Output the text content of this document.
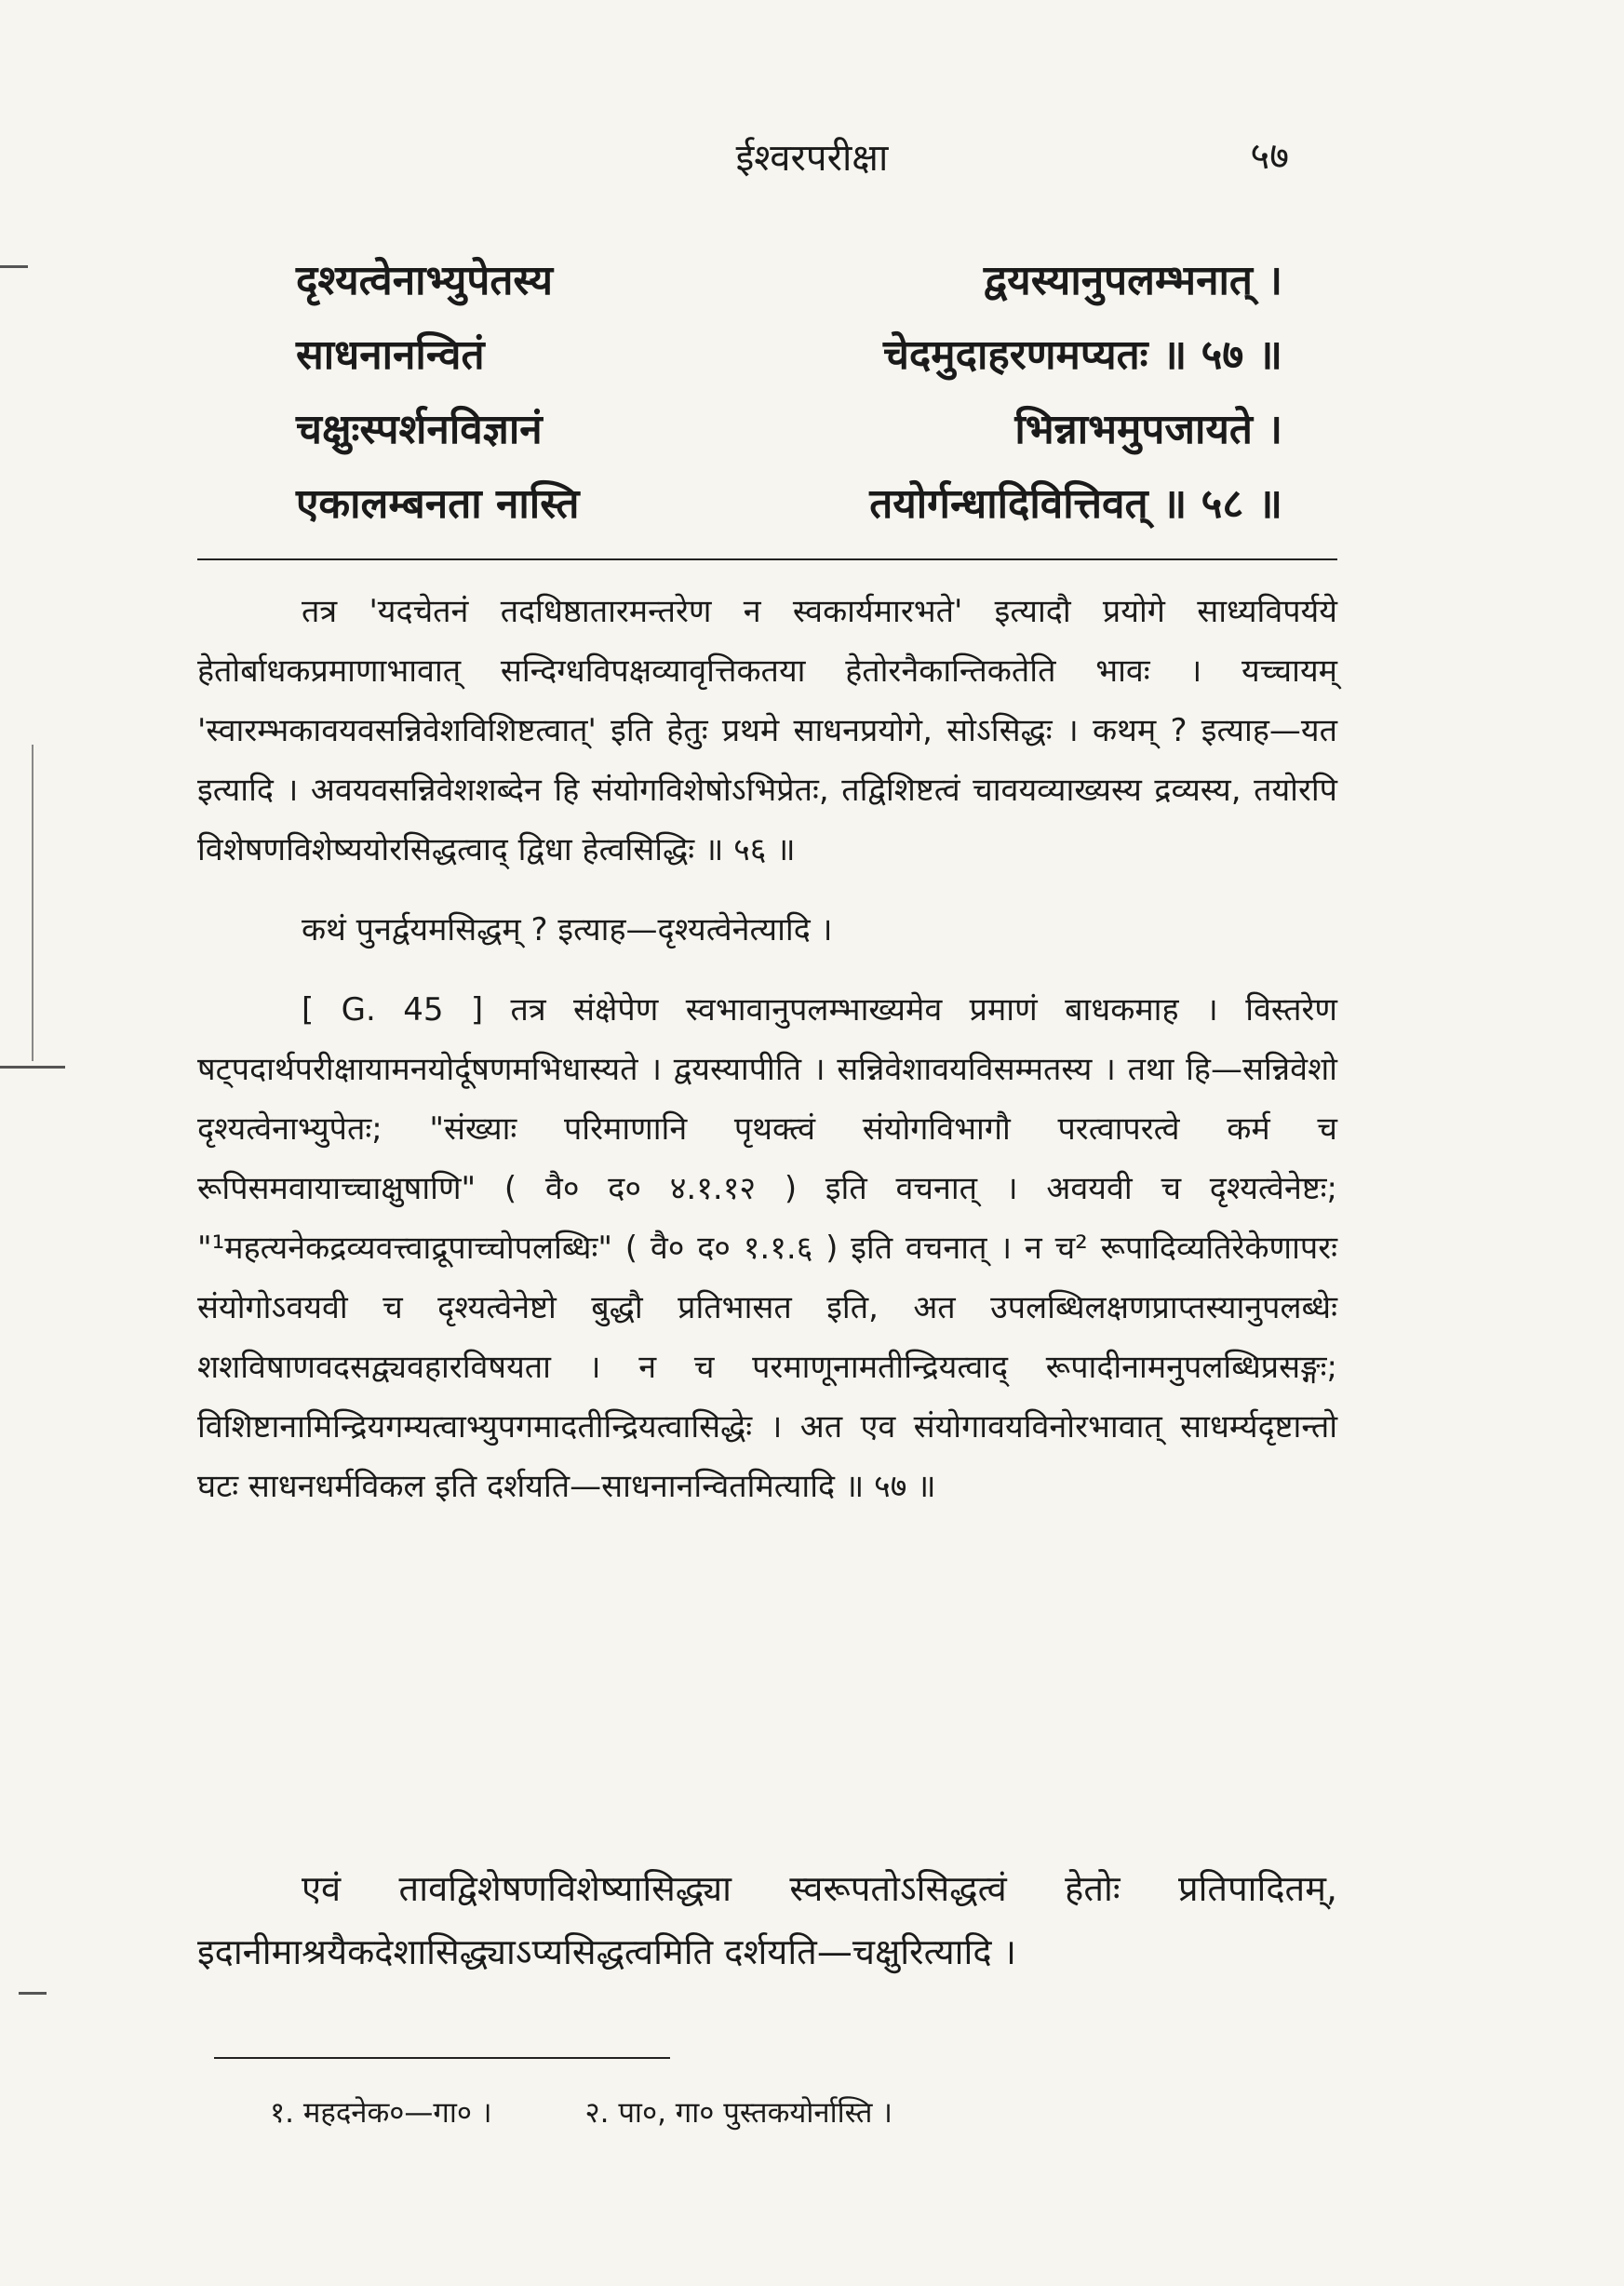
ईश्वरपरीक्षा	५७
दृश्यत्वेनाभ्युपेतस्य	द्वयस्यानुपलम्भनात् ।
साधनानन्वितं	चेदमुदाहरणमप्यतः ॥ ५७ ॥
चक्षुःस्पर्शनविज्ञानं	भिन्नाभमुपजायते ।
एकालम्बनता नास्ति	तयोर्गन्धादिवित्तिवत् ॥ ५८ ॥

तत्र 'यदचेतनं तदधिष्ठातारमन्तरेण न स्वकार्यमारभते' इत्यादौ प्रयोगे साध्यविपर्यये हेतोर्बाधकप्रमाणाभावात् सन्दिग्धविपक्षव्यावृत्तिकतया हेतोरनैकान्तिकतेति भावः । यच्चायम् 'स्वारम्भकावयवसन्निवेशविशिष्टत्वात्' इति हेतुः प्रथमे साधनप्रयोगे, सोऽसिद्धः । कथम् ? इत्याह—यत इत्यादि । अवयवसन्निवेशशब्देन हि संयोगविशेषोऽभिप्रेतः, तद्विशिष्टत्वं चावयव्याख्यस्य द्रव्यस्य, तयोरपि विशेषणविशेष्ययोरसिद्धत्वाद् द्विधा हेत्वसिद्धिः ॥ ५६ ॥

कथं पुनर्द्वयमसिद्धम् ? इत्याह—दृश्यत्वेनेत्यादि ।

[ G. 45 ] तत्र संक्षेपेण स्वभावानुपलम्भाख्यमेव प्रमाणं बाधकमाह । विस्तरेण षट्पदार्थपरीक्षायामनयोर्दूषणमभिधास्यते । द्वयस्यापीति । सन्निवेशावयविसम्मतस्य । तथा हि—सन्निवेशो दृश्यत्वेनाभ्युपेतः; "संख्याः परिमाणानि पृथक्त्वं संयोगविभागौ परत्वापरत्वे कर्म च रूपिसमवायाच्चाक्षुषाणि" ( वै० द० ४.१.१२ ) इति वचनात् । अवयवी च दृश्यत्वेनेष्टः; "¹महत्यनेकद्रव्यवत्त्वाद्रूपाच्चोपलब्धिः" ( वै० द० १.१.६ ) इति वचनात् । न च² रूपादिव्यतिरेकेणापरः संयोगोऽवयवी च दृश्यत्वेनेष्टो बुद्धौ प्रतिभासत इति, अत उपलब्धिलक्षणप्राप्तस्यानुपलब्धेः शशविषाणवदसद्व्यवहारविषयता । न च परमाणूनामतीन्द्रियत्वाद् रूपादीनामनुपलब्धिप्रसङ्गः; विशिष्टानामिन्द्रियगम्यत्वाभ्युपगमादतीन्द्रियत्वासिद्धेः । अत एव संयोगावयविनोरभावात् साधर्म्यदृष्टान्तो घटः साधनधर्मविकल इति दर्शयति—साधनानन्वितमित्यादि ॥ ५७ ॥

एवं तावद्विशेषणविशेष्यासिद्ध्या स्वरूपतोऽसिद्धत्वं हेतोः प्रतिपादितम्, इदानीमाश्रयैकदेशासिद्ध्याऽप्यसिद्धत्वमिति दर्शयति—चक्षुरित्यादि ।

१. महदनेक०—गा० ।	२. पा०, गा० पुस्तकयोर्नास्ति ।
